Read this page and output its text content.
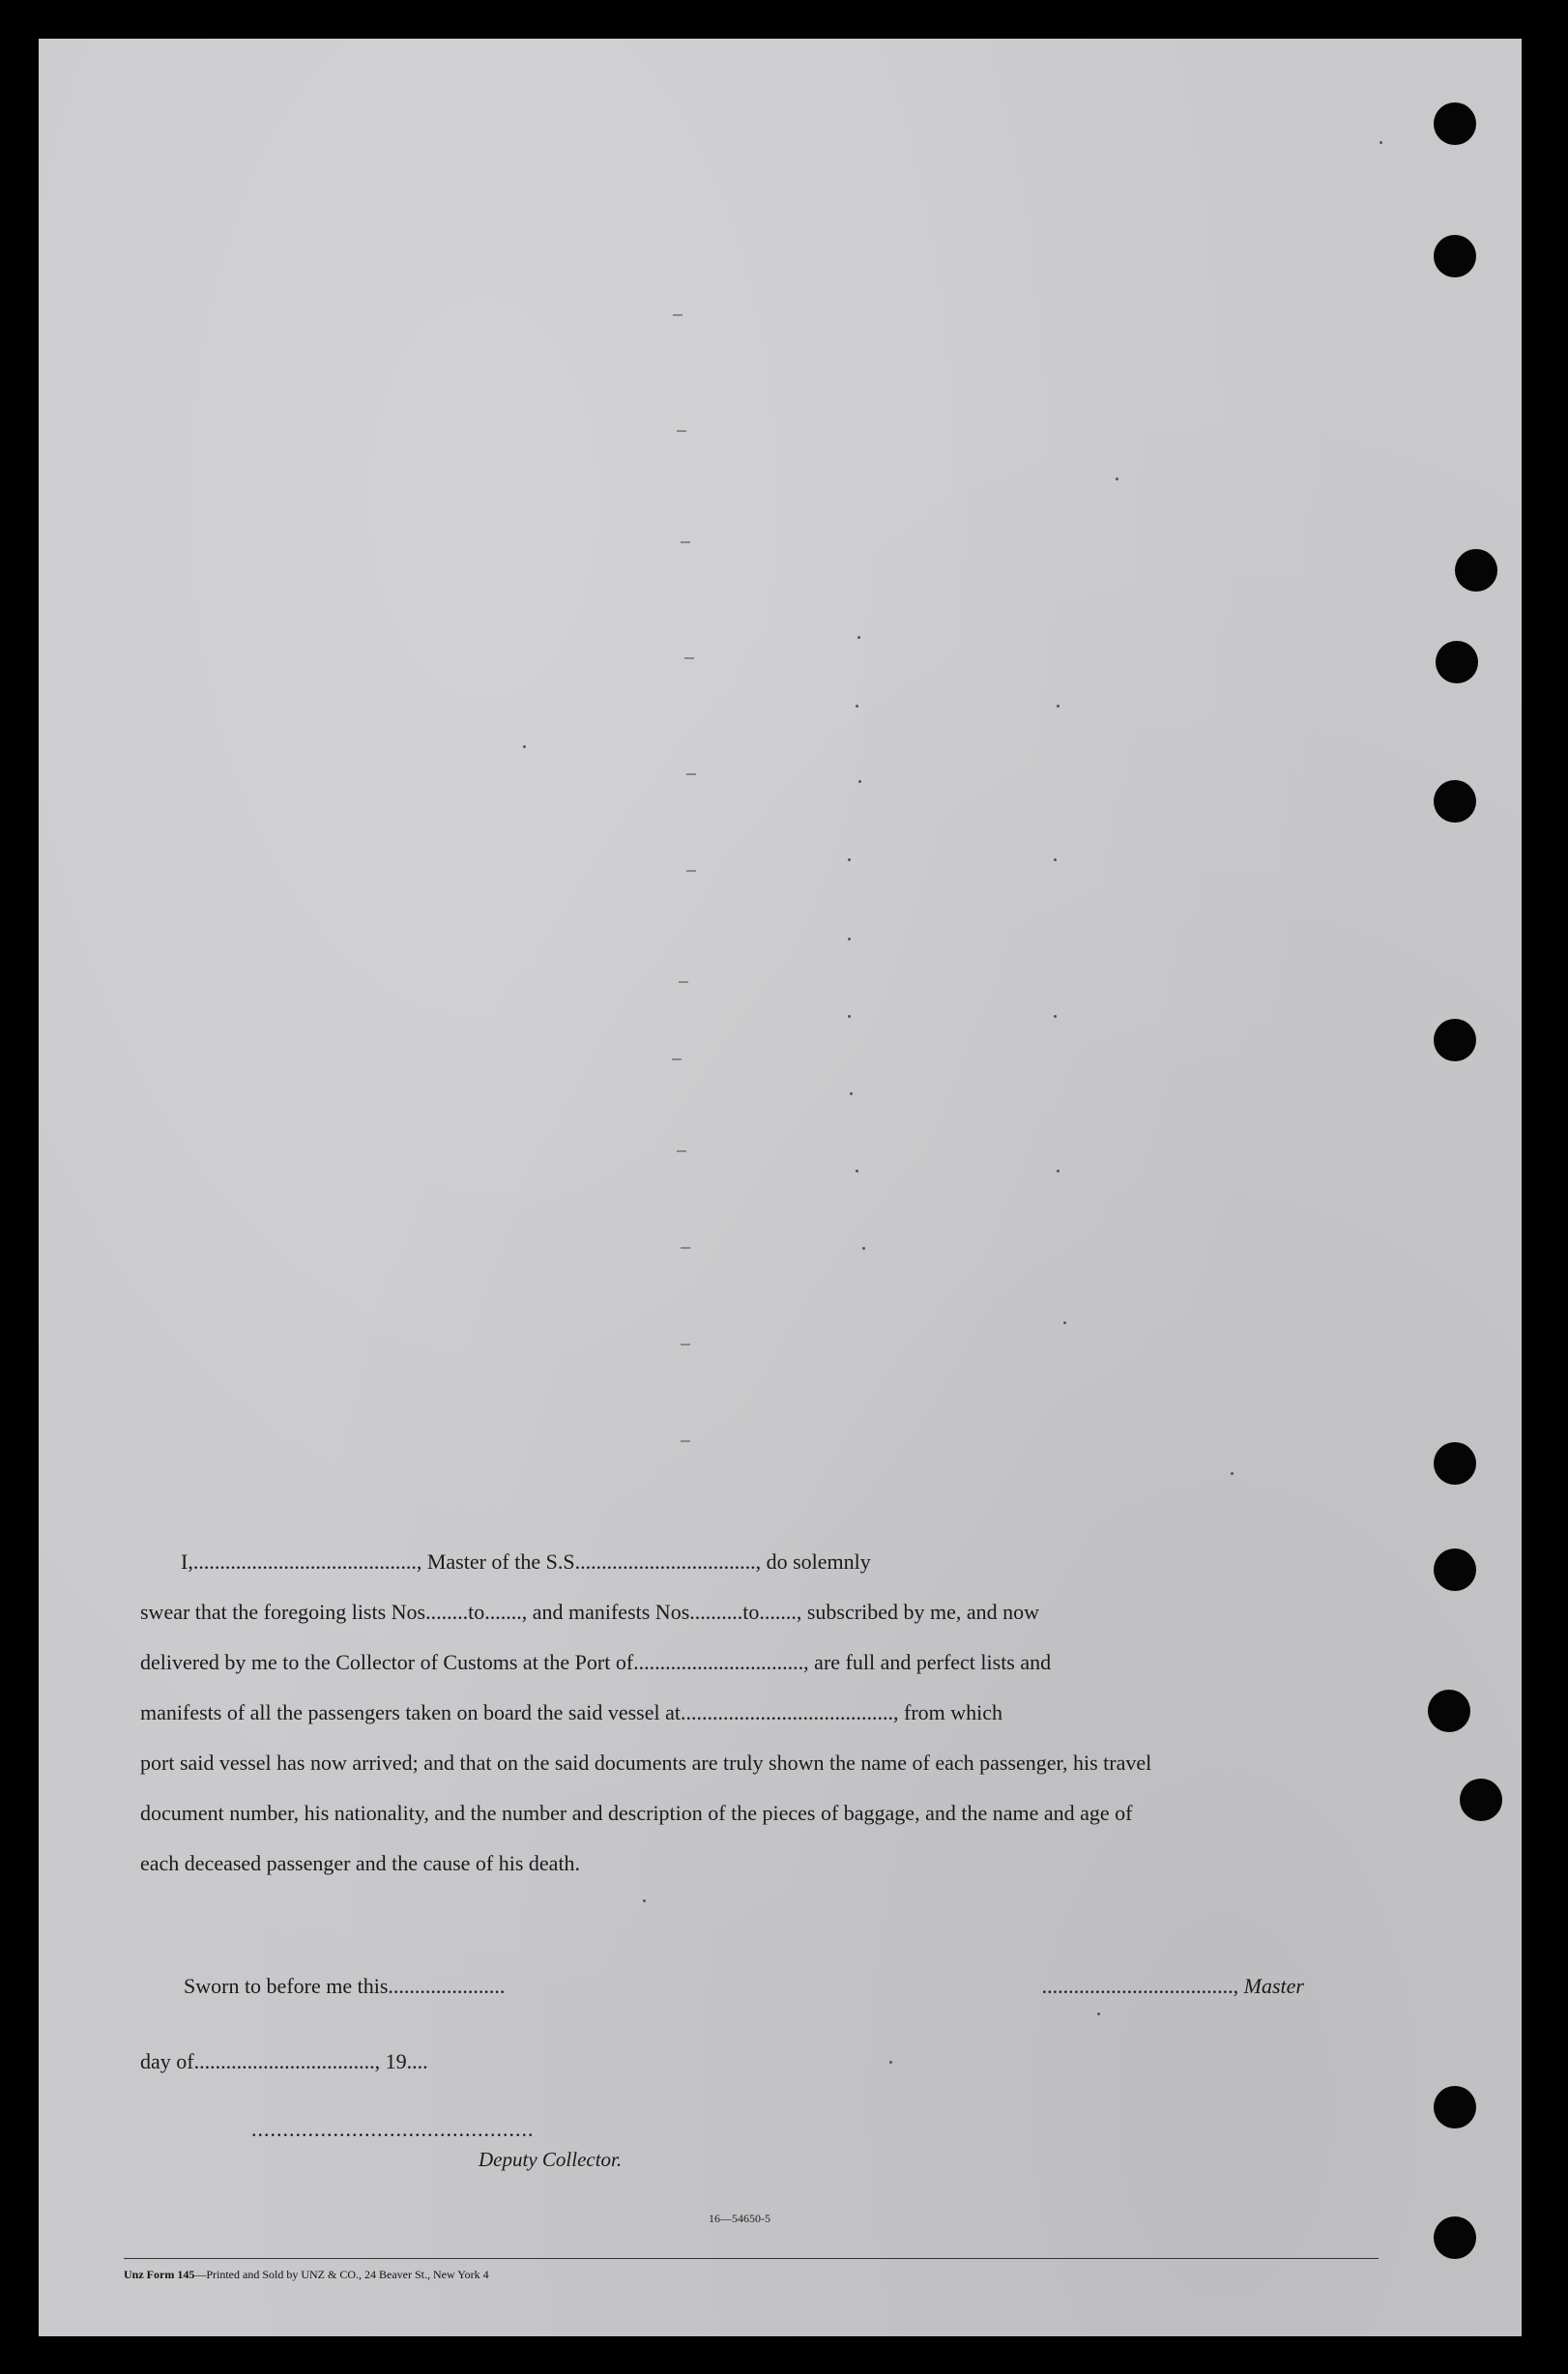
I,.........................................., Master of the S.S.................................., do solemnly

swear that the foregoing lists Nos........to......., and manifests Nos..........to......., subscribed by me, and now
delivered by me to the Collector of Customs at the Port of................................, are full and perfect lists and
manifests of all the passengers taken on board the said vessel at........................................, from which
port said vessel has now arrived; and that on the said documents are truly shown the name of each passenger, his travel
document number, his nationality, and the number and description of the pieces of baggage, and the name and age of
each deceased passenger and the cause of his death.
Sworn to before me this......................	...................................., Master
day of.................................., 19....
.............................................
Deputy Collector.
16—54650-5
Unz Form 145—Printed and Sold by UNZ & CO., 24 Beaver St., New York 4
